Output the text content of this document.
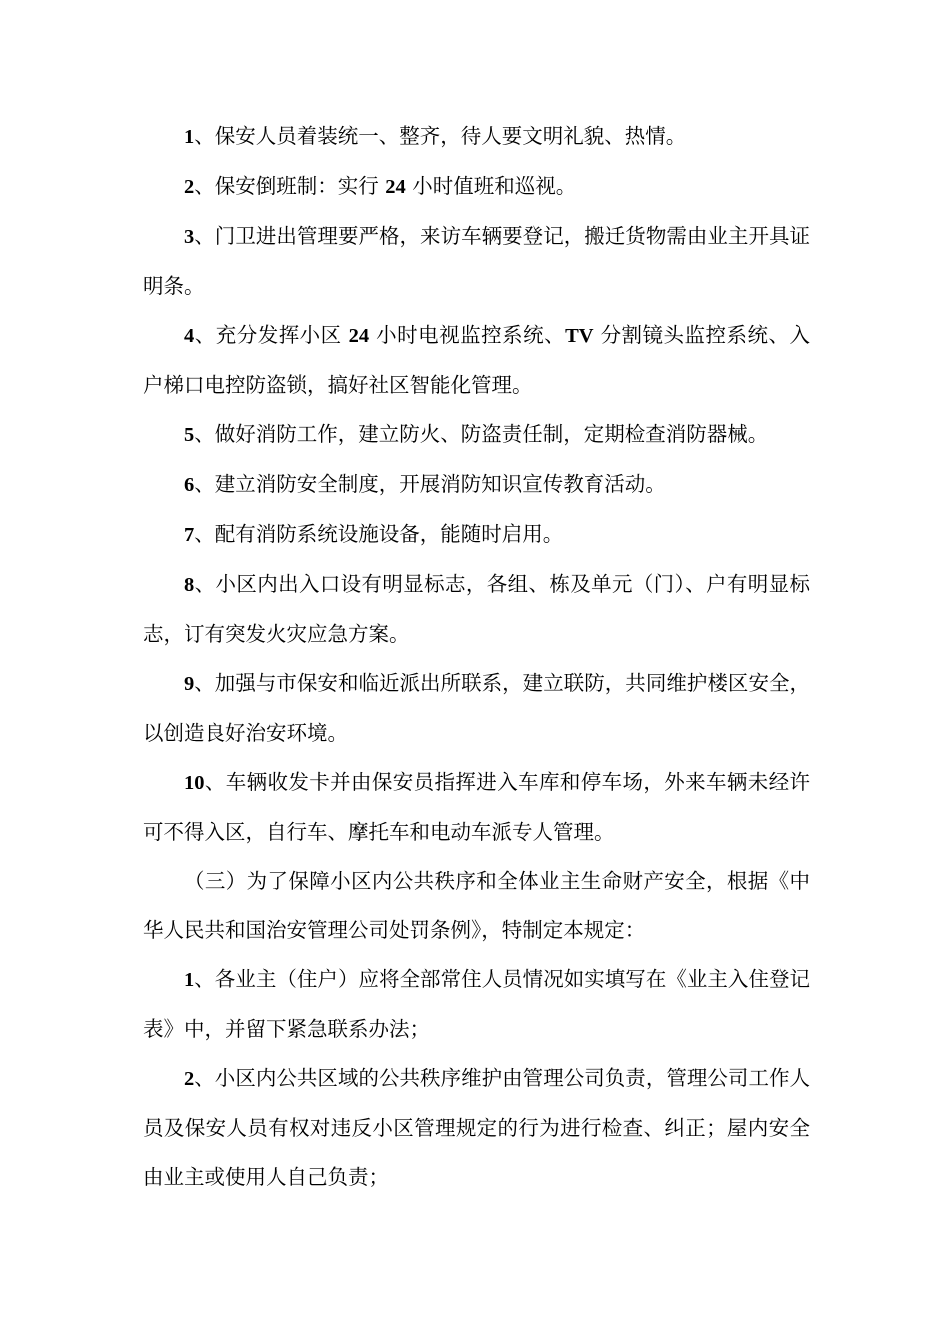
1、保安人员着装统一、整齐，待人要文明礼貌、热情。

2、保安倒班制：实行 24 小时值班和巡视。

3、门卫进出管理要严格，来访车辆要登记，搬迁货物需由业主开具证明条。

4、充分发挥小区 24 小时电视监控系统、TV 分割镜头监控系统、入户梯口电控防盗锁，搞好社区智能化管理。

5、做好消防工作，建立防火、防盗责任制，定期检查消防器械。

6、建立消防安全制度，开展消防知识宣传教育活动。

7、配有消防系统设施设备，能随时启用。

8、小区内出入口设有明显标志，各组、栋及单元（门）、户有明显标志，订有突发火灾应急方案。

9、加强与市保安和临近派出所联系，建立联防，共同维护楼区安全，以创造良好治安环境。

10、车辆收发卡并由保安员指挥进入车库和停车场，外来车辆未经许可不得入区，自行车、摩托车和电动车派专人管理。

（三）为了保障小区内公共秩序和全体业主生命财产安全，根据《中华人民共和国治安管理公司处罚条例》，特制定本规定：

1、各业主（住户）应将全部常住人员情况如实填写在《业主入住登记表》中，并留下紧急联系办法；

2、小区内公共区域的公共秩序维护由管理公司负责，管理公司工作人员及保安人员有权对违反小区管理规定的行为进行检查、纠正；屋内安全由业主或使用人自己负责；
